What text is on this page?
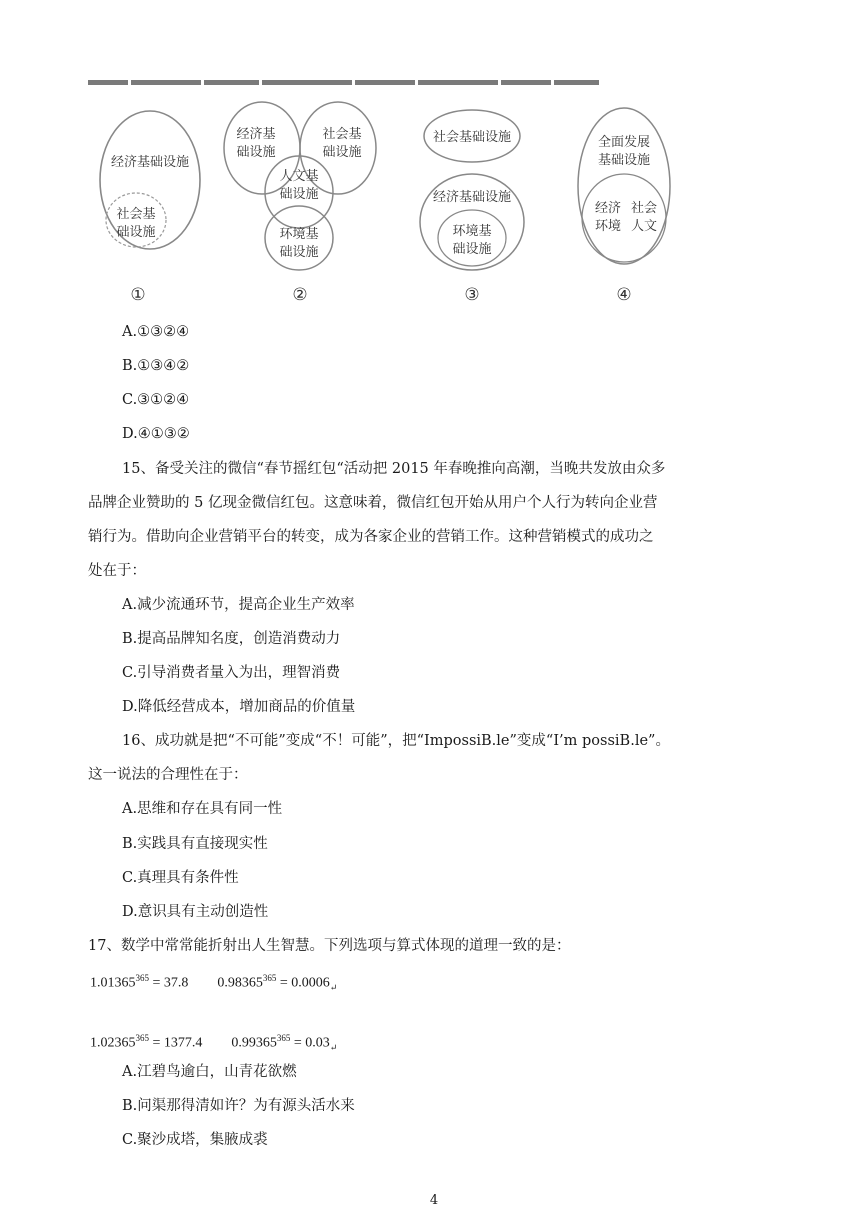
经济基础设施
社会基
础设施
①
经济基
础设施
社会基
础设施
人文基
础设施
环境基
础设施
②
社会基础设施
经济基础设施
环境基
础设施
③
全面发展
基础设施
经济 社会
环境 人文
④
A.①③②④
B.①③④②
C.③①②④
D.④①③②
15、备受关注的微信“春节摇红包“活动把 2015 年春晚推向高潮，当晚共发放由众多
品牌企业赞助的 5 亿现金微信红包。这意味着，微信红包开始从用户个人行为转向企业营
销行为。借助向企业营销平台的转变，成为各家企业的营销工作。这种营销模式的成功之
处在于：
A.减少流通环节，提高企业生产效率
B.提高品牌知名度，创造消费动力
C.引导消费者量入为出，理智消费
D.降低经营成本，增加商品的价值量
16、成功就是把“不可能”变成“不！可能”，把“ImpossiB.le”变成“I’m possiB.le”。
这一说法的合理性在于：
A.思维和存在具有同一性
B.实践具有直接现实性
C.真理具有条件性
D.意识具有主动创造性
17、数学中常常能折射出人生智慧。下列选项与算式体现的道理一致的是：
$1.01365^{365} = 37.8$ $0.98365^{365} = 0.0006_↵$
$1.02365^{365} = 1377.4$ $0.99365^{365} = 0.03_↵$
A.江碧鸟逾白，山青花欲燃
B.问渠那得清如许？为有源头活水来
C.聚沙成塔，集腋成裘
4
